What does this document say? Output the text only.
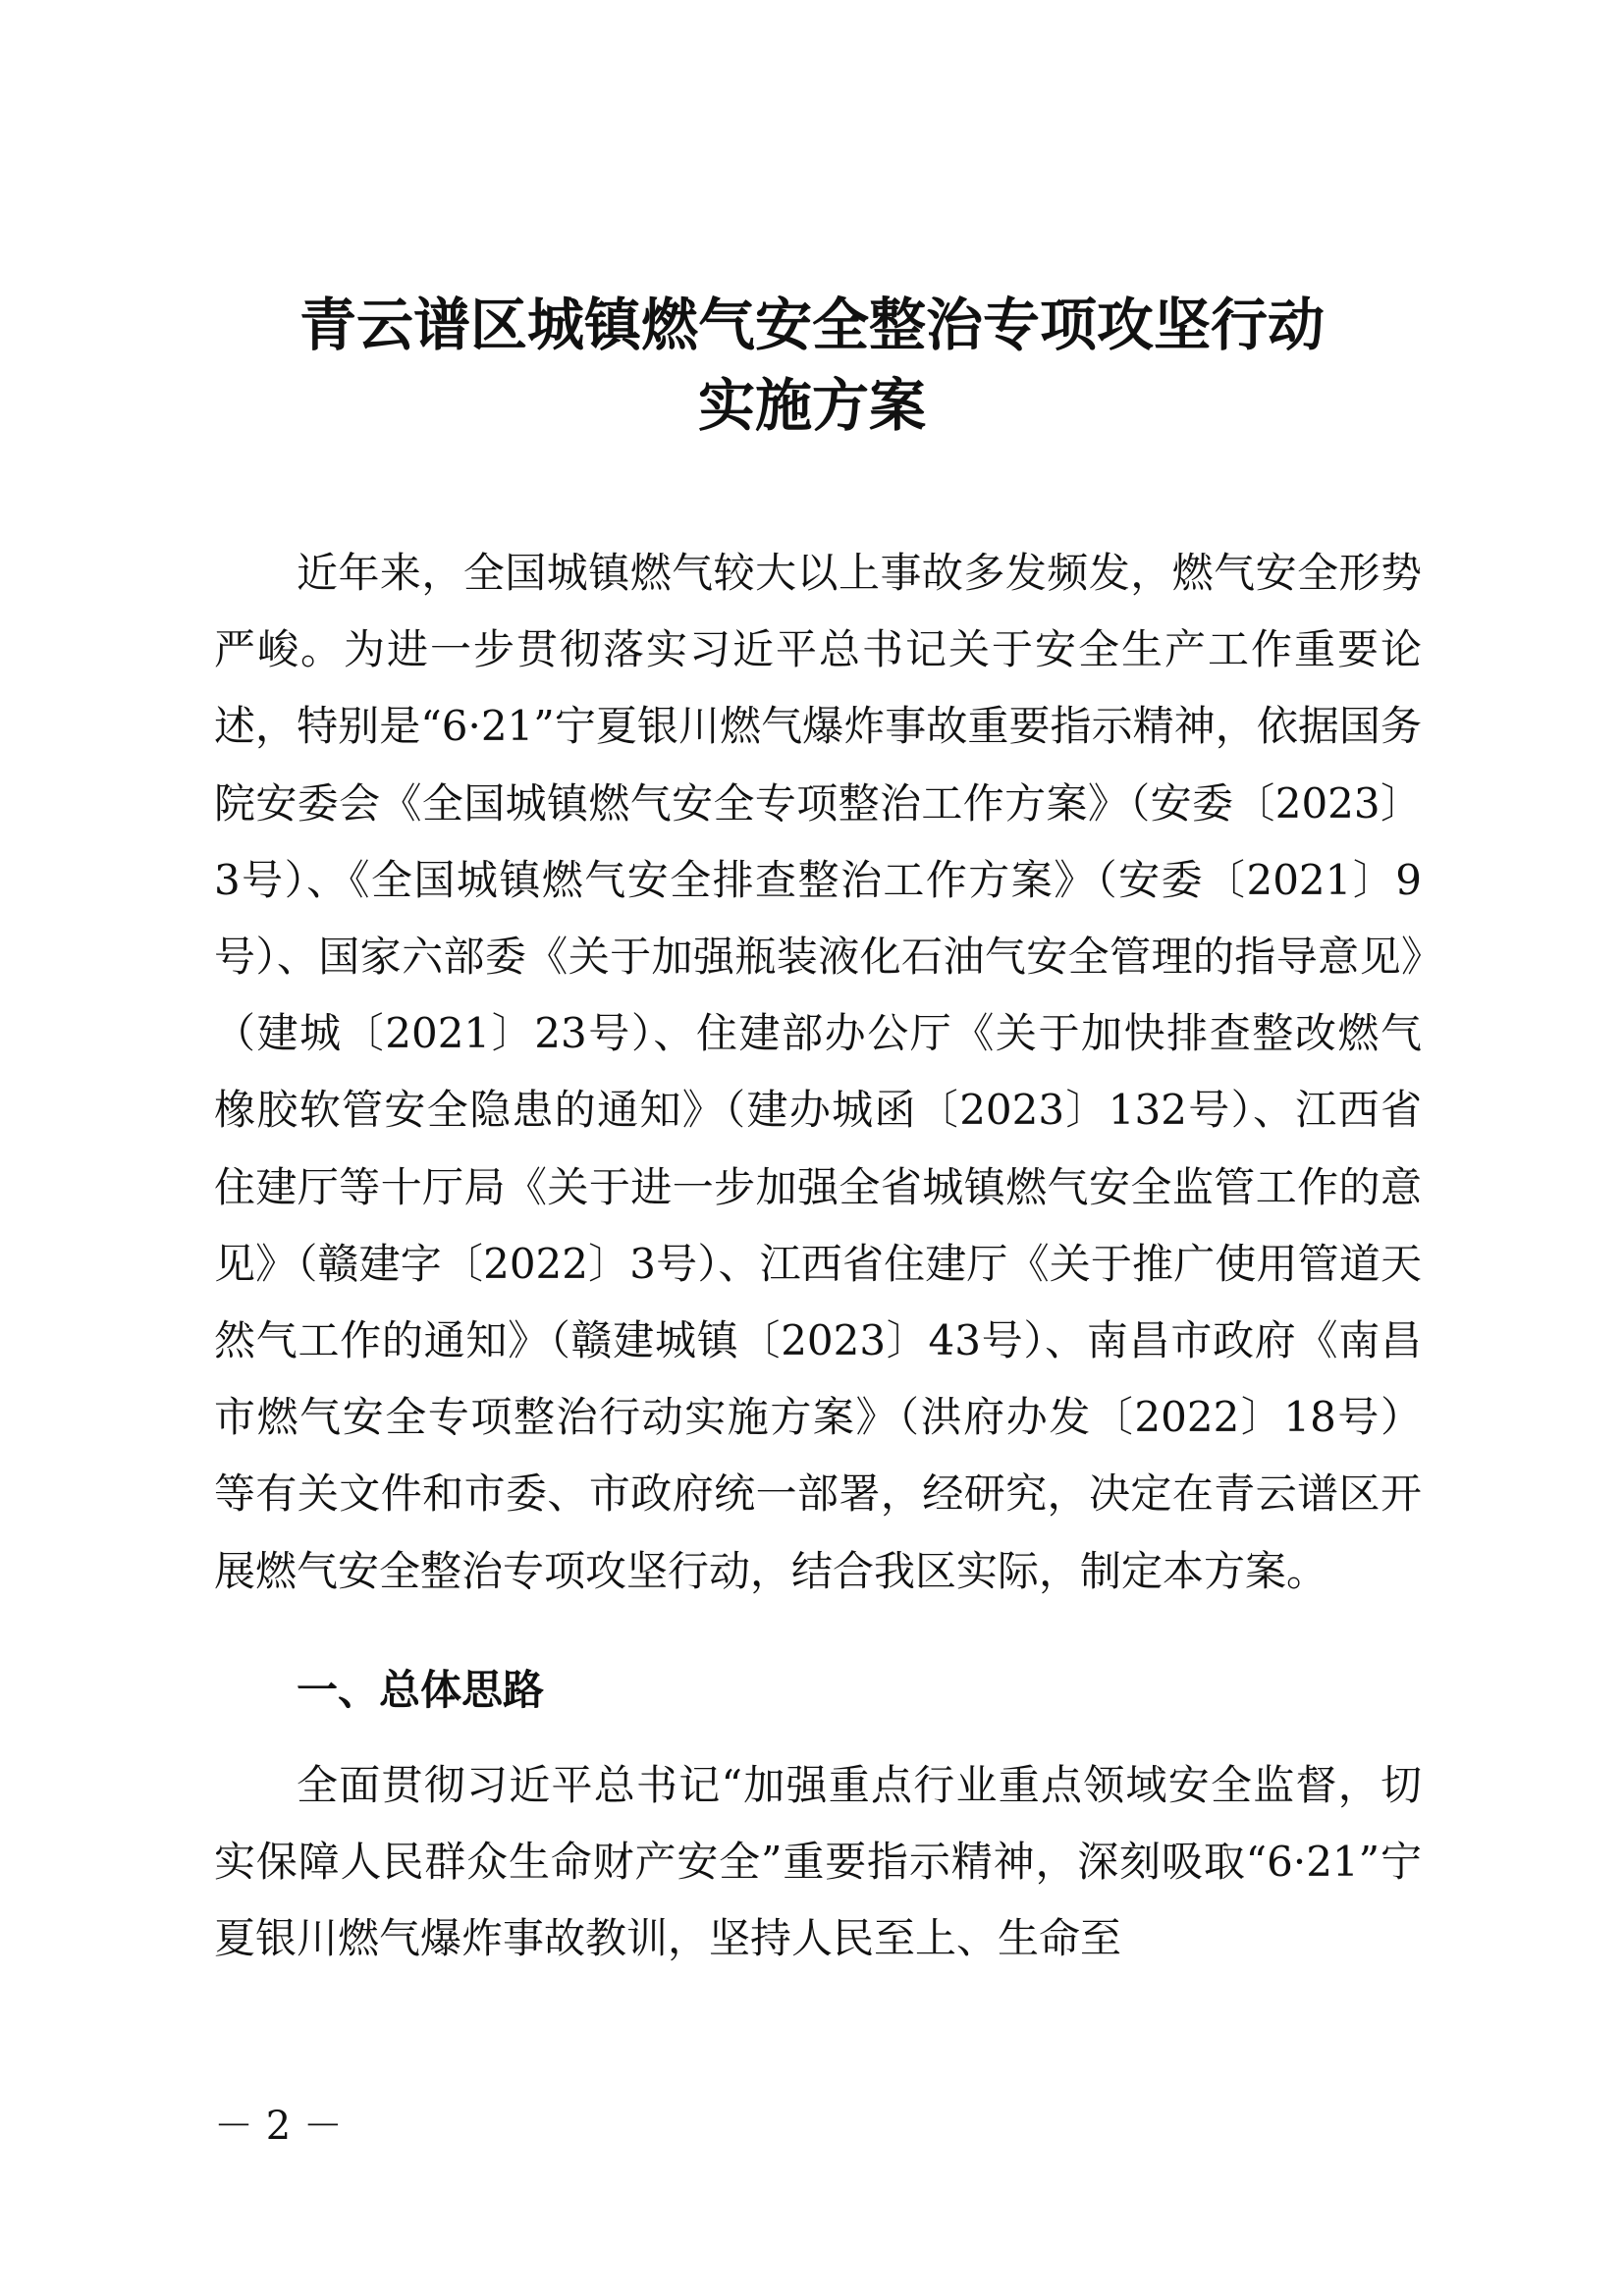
青云谱区城镇燃气安全整治专项攻坚行动
实施方案

近年来，全国城镇燃气较大以上事故多发频发，燃气安全形势严峻。为进一步贯彻落实习近平总书记关于安全生产工作重要论述，特别是“6·21”宁夏银川燃气爆炸事故重要指示精神，依据国务院安委会《全国城镇燃气安全专项整治工作方案》（安委〔2023〕3号）、《全国城镇燃气安全排查整治工作方案》（安委〔2021〕9号）、国家六部委《关于加强瓶装液化石油气安全管理的指导意见》（建城〔2021〕23号）、住建部办公厅《关于加快排查整改燃气橡胶软管安全隐患的通知》（建办城函〔2023〕132号）、江西省住建厅等十厅局《关于进一步加强全省城镇燃气安全监管工作的意见》（赣建字〔2022〕3号）、江西省住建厅《关于推广使用管道天然气工作的通知》（赣建城镇〔2023〕43号）、南昌市政府《南昌市燃气安全专项整治行动实施方案》（洪府办发〔2022〕18号）等有关文件和市委、市政府统一部署，经研究，决定在青云谱区开展燃气安全整治专项攻坚行动，结合我区实际，制定本方案。

一、总体思路

全面贯彻习近平总书记“加强重点行业重点领域安全监督，切实保障人民群众生命财产安全”重要指示精神，深刻吸取“6·21”宁夏银川燃气爆炸事故教训，坚持人民至上、生命至

－ 2 －
